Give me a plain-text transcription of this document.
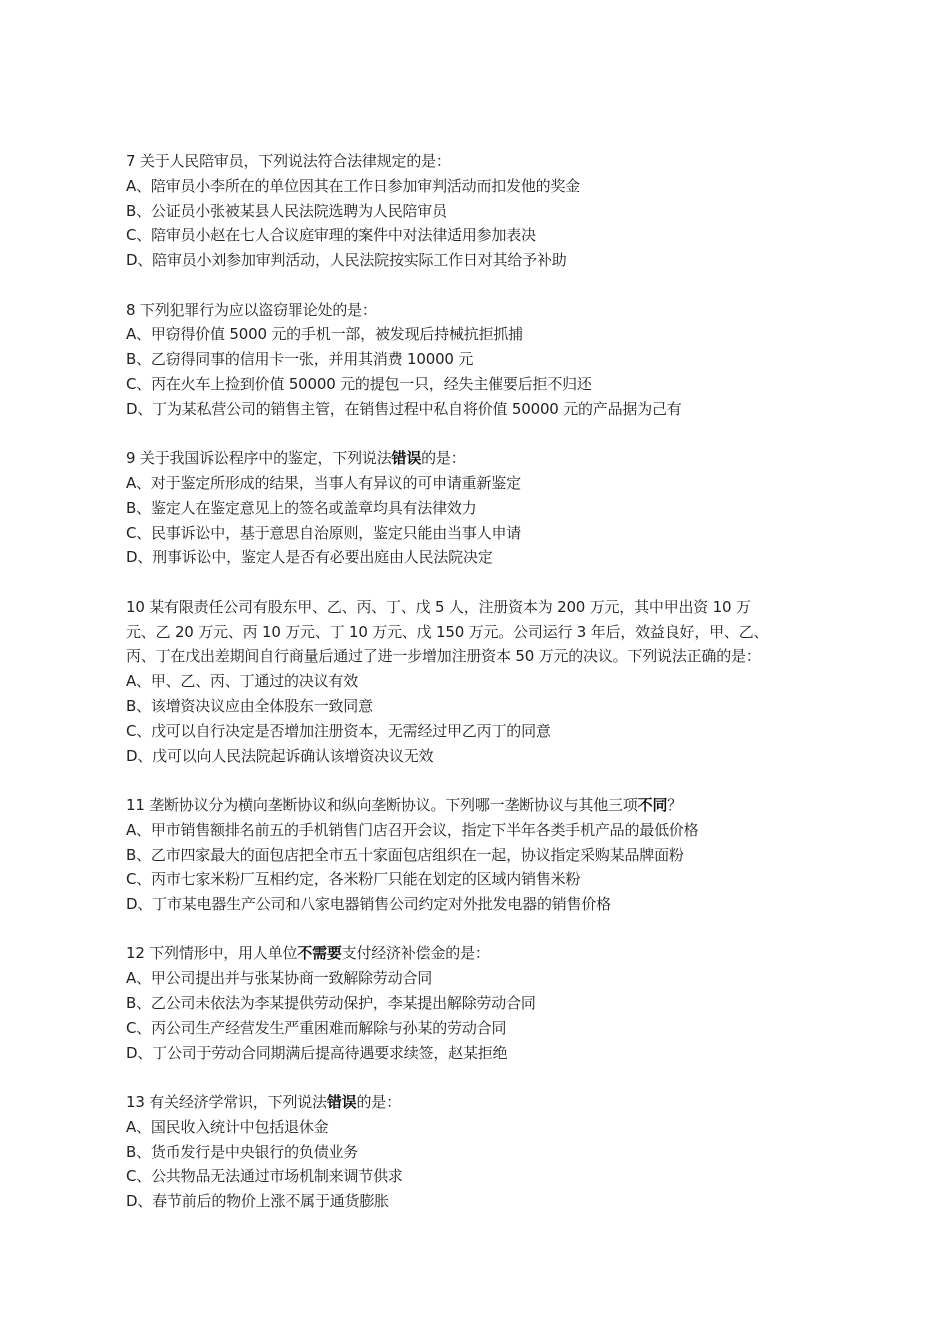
7 关于人民陪审员，下列说法符合法律规定的是：
A、陪审员小李所在的单位因其在工作日参加审判活动而扣发他的奖金
B、公证员小张被某县人民法院选聘为人民陪审员
C、陪审员小赵在七人合议庭审理的案件中对法律适用参加表决
D、陪审员小刘参加审判活动，人民法院按实际工作日对其给予补助
8 下列犯罪行为应以盗窃罪论处的是：
A、甲窃得价值 5000 元的手机一部，被发现后持械抗拒抓捕
B、乙窃得同事的信用卡一张，并用其消费 10000 元
C、丙在火车上捡到价值 50000 元的提包一只，经失主催要后拒不归还
D、丁为某私营公司的销售主管，在销售过程中私自将价值 50000 元的产品据为己有
9 关于我国诉讼程序中的鉴定，下列说法错误的是：
A、对于鉴定所形成的结果，当事人有异议的可申请重新鉴定
B、鉴定人在鉴定意见上的签名或盖章均具有法律效力
C、民事诉讼中，基于意思自治原则，鉴定只能由当事人申请
D、刑事诉讼中，鉴定人是否有必要出庭由人民法院决定
10 某有限责任公司有股东甲、乙、丙、丁、戊 5 人，注册资本为 200 万元，其中甲出资 10 万
元、乙 20 万元、丙 10 万元、丁 10 万元、戊 150 万元。公司运行 3 年后，效益良好，甲、乙、
丙、丁在戊出差期间自行商量后通过了进一步增加注册资本 50 万元的决议。下列说法正确的是：
A、甲、乙、丙、丁通过的决议有效
B、该增资决议应由全体股东一致同意
C、戊可以自行决定是否增加注册资本，无需经过甲乙丙丁的同意
D、戊可以向人民法院起诉确认该增资决议无效
11 垄断协议分为横向垄断协议和纵向垄断协议。下列哪一垄断协议与其他三项不同？
A、甲市销售额排名前五的手机销售门店召开会议，指定下半年各类手机产品的最低价格
B、乙市四家最大的面包店把全市五十家面包店组织在一起，协议指定采购某品牌面粉
C、丙市七家米粉厂互相约定，各米粉厂只能在划定的区域内销售米粉
D、丁市某电器生产公司和八家电器销售公司约定对外批发电器的销售价格
12 下列情形中，用人单位不需要支付经济补偿金的是：
A、甲公司提出并与张某协商一致解除劳动合同
B、乙公司未依法为李某提供劳动保护，李某提出解除劳动合同
C、丙公司生产经营发生严重困难而解除与孙某的劳动合同
D、丁公司于劳动合同期满后提高待遇要求续签，赵某拒绝
13 有关经济学常识，下列说法错误的是：
A、国民收入统计中包括退休金
B、货币发行是中央银行的负债业务
C、公共物品无法通过市场机制来调节供求
D、春节前后的物价上涨不属于通货膨胀
